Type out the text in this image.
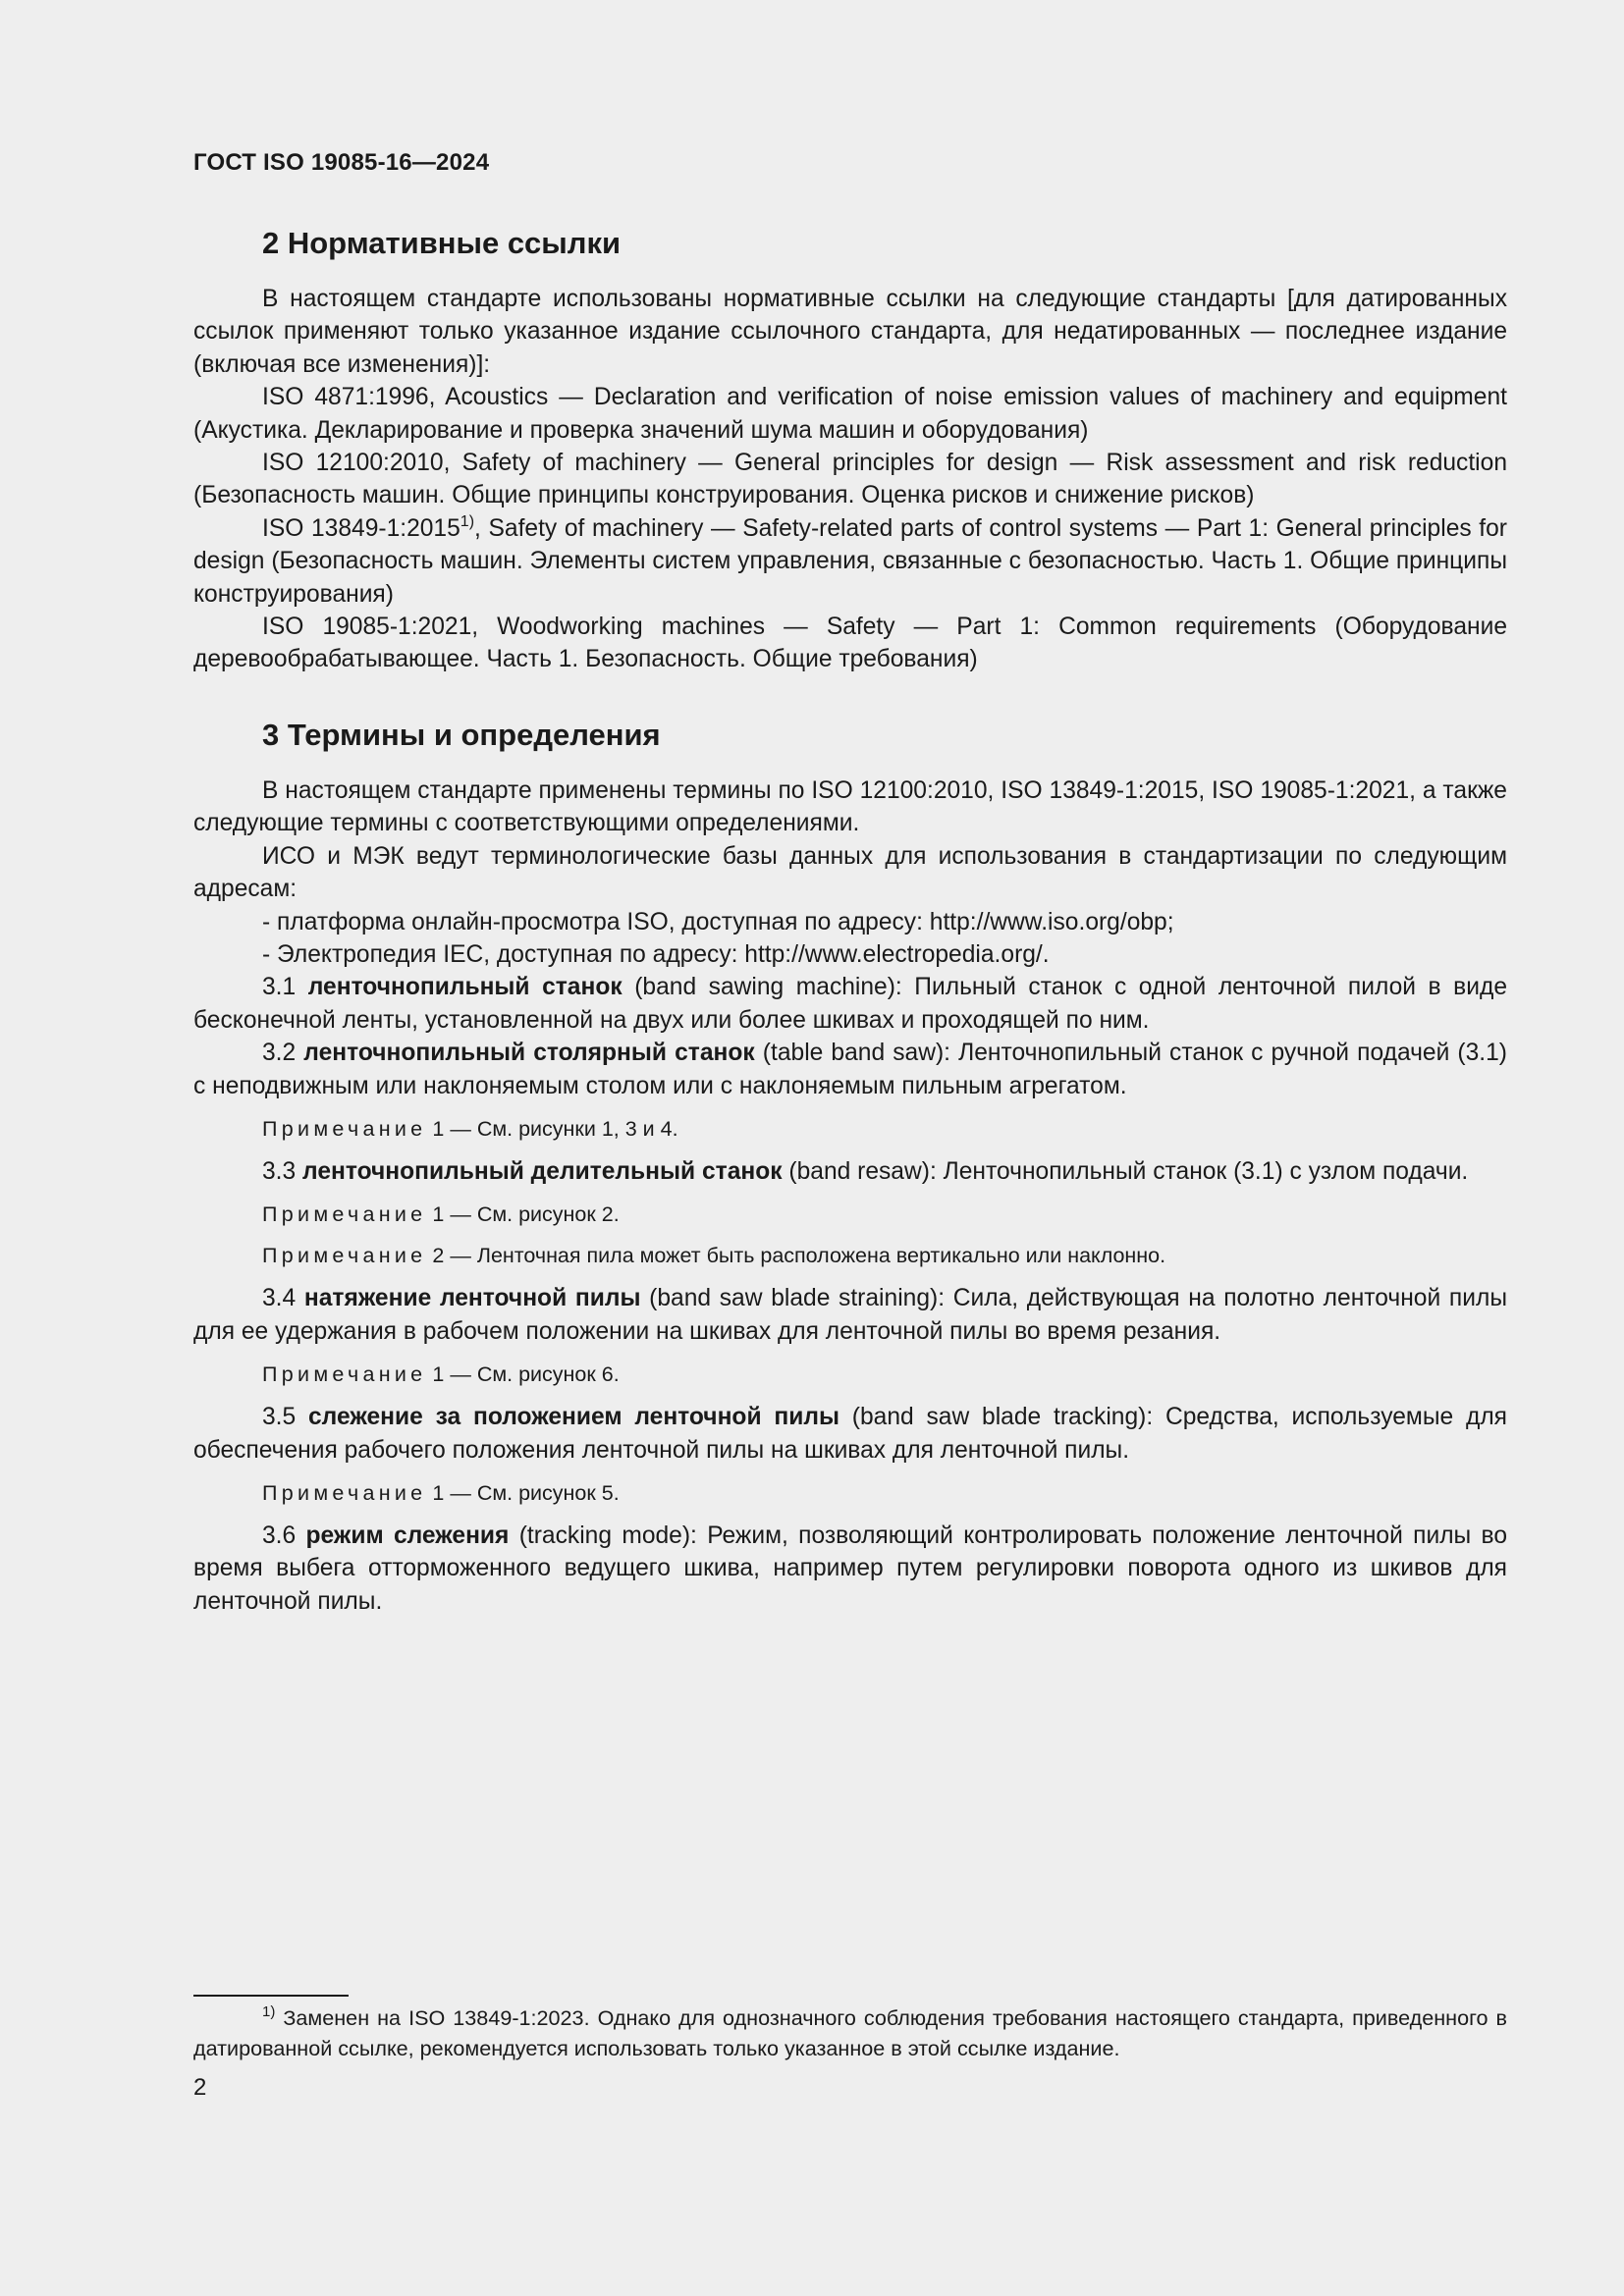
ГОСТ ISO 19085-16—2024
2 Нормативные ссылки

В настоящем стандарте использованы нормативные ссылки на следующие стандарты [для датированных ссылок применяют только указанное издание ссылочного стандарта, для недатированных — последнее издание (включая все изменения)]:

ISO 4871:1996, Acoustics — Declaration and verification of noise emission values of machinery and equipment (Акустика. Декларирование и проверка значений шума машин и оборудования)

ISO 12100:2010, Safety of machinery — General principles for design — Risk assessment and risk reduction (Безопасность машин. Общие принципы конструирования. Оценка рисков и снижение рисков)

ISO 13849-1:2015$^{1)}$, Safety of machinery — Safety-related parts of control systems — Part 1: General principles for design (Безопасность машин. Элементы систем управления, связанные с безопасностью. Часть 1. Общие принципы конструирования)

ISO 19085-1:2021, Woodworking machines — Safety — Part 1: Common requirements (Оборудование деревообрабатывающее. Часть 1. Безопасность. Общие требования)

3 Термины и определения

В настоящем стандарте применены термины по ISO 12100:2010, ISO 13849-1:2015, ISO 19085-1:2021, а также следующие термины с соответствующими определениями.

ИСО и МЭК ведут терминологические базы данных для использования в стандартизации по следующим адресам:

- платформа онлайн-просмотра ISO, доступная по адресу: http://www.iso.org/obp;

- Электропедия IEC, доступная по адресу: http://www.electropedia.org/.

3.1 ленточнопильный станок (band sawing machine): Пильный станок с одной ленточной пилой в виде бесконечной ленты, установленной на двух или более шкивах и проходящей по ним.

3.2 ленточнопильный столярный станок (table band saw): Ленточнопильный станок с ручной подачей (3.1) с неподвижным или наклоняемым столом или с наклоняемым пильным агрегатом.

Примечание 1 — См. рисунки 1, 3 и 4.

3.3 ленточнопильный делительный станок (band resaw): Ленточнопильный станок (3.1) с узлом подачи.

Примечание 1 — См. рисунок 2.

Примечание 2 — Ленточная пила может быть расположена вертикально или наклонно.

3.4 натяжение ленточной пилы (band saw blade straining): Сила, действующая на полотно ленточной пилы для ее удержания в рабочем положении на шкивах для ленточной пилы во время резания.

Примечание 1 — См. рисунок 6.

3.5 слежение за положением ленточной пилы (band saw blade tracking): Средства, используемые для обеспечения рабочего положения ленточной пилы на шкивах для ленточной пилы.

Примечание 1 — См. рисунок 5.

3.6 режим слежения (tracking mode): Режим, позволяющий контролировать положение ленточной пилы во время выбега отторможенного ведущего шкива, например путем регулировки поворота одного из шкивов для ленточной пилы.

$^{1)}$ Заменен на ISO 13849-1:2023. Однако для однозначного соблюдения требования настоящего стандарта, приведенного в датированной ссылке, рекомендуется использовать только указанное в этой ссылке издание.
2
